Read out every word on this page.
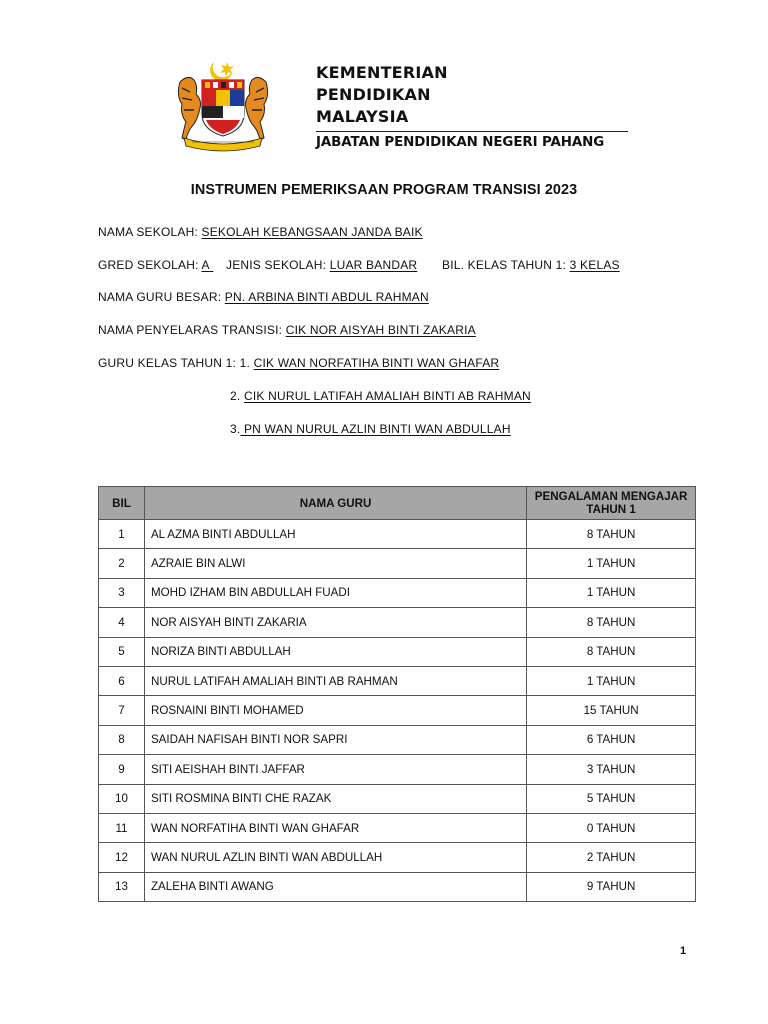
KEMENTERIAN
PENDIDIKAN
MALAYSIA
JABATAN PENDIDIKAN NEGERI PAHANG
INSTRUMEN PEMERIKSAAN PROGRAM TRANSISI 2023
NAMA SEKOLAH: SEKOLAH KEBANGSAAN JANDA BAIK
GRED SEKOLAH: A JENIS SEKOLAH: LUAR BANDAR BIL. KELAS TAHUN 1: 3 KELAS
NAMA GURU BESAR: PN. ARBINA BINTI ABDUL RAHMAN
NAMA PENYELARAS TRANSISI: CIK NOR AISYAH BINTI ZAKARIA
GURU KELAS TAHUN 1: 1. CIK WAN NORFATIHA BINTI WAN GHAFAR
2. CIK NURUL LATIFAH AMALIAH BINTI AB RAHMAN
3. PN WAN NURUL AZLIN BINTI WAN ABDULLAH
BIL	NAMA GURU	PENGALAMAN MENGAJAR
TAHUN 1
1	AL AZMA BINTI ABDULLAH	8 TAHUN
2	AZRAIE BIN ALWI	1 TAHUN
3	MOHD IZHAM BIN ABDULLAH FUADI	1 TAHUN
4	NOR AISYAH BINTI ZAKARIA	8 TAHUN
5	NORIZA BINTI ABDULLAH	8 TAHUN
6	NURUL LATIFAH AMALIAH BINTI AB RAHMAN	1 TAHUN
7	ROSNAINI BINTI MOHAMED	15 TAHUN
8	SAIDAH NAFISAH BINTI NOR SAPRI	6 TAHUN
9	SITI AEISHAH BINTI JAFFAR	3 TAHUN
10	SITI ROSMINA BINTI CHE RAZAK	5 TAHUN
11	WAN NORFATIHA BINTI WAN GHAFAR	0 TAHUN
12	WAN NURUL AZLIN BINTI WAN ABDULLAH	2 TAHUN
13	ZALEHA BINTI AWANG	9 TAHUN
1
